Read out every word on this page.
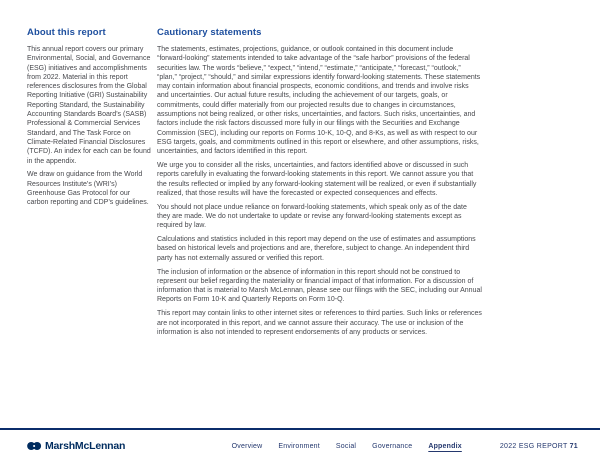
About this report

This annual report covers our primary Environmental, Social, and Governance (ESG) initiatives and accomplishments from 2022. Material in this report references disclosures from the Global Reporting Initiative (GRI) Sustainability Reporting Standard, the Sustainability Accounting Standards Board’s (SASB) Professional & Commercial Services Standard, and The Task Force on Climate-Related Financial Disclosures (TCFD). An index for each can be found in the appendix.

We draw on guidance from the World Resources Institute’s (WRI’s) Greenhouse Gas Protocol for our carbon reporting and CDP’s guidelines.

Cautionary statements

The statements, estimates, projections, guidance, or outlook contained in this document include “forward-looking” statements intended to take advantage of the “safe harbor” provisions of the federal securities law. The words “believe,” “expect,” “intend,” “estimate,” “anticipate,” “forecast,” “outlook,” “plan,” “project,” “should,” and similar expressions identify forward-looking statements. These statements may contain information about financial prospects, economic conditions, and trends and involve risks and uncertainties. Our actual future results, including the achievement of our targets, goals, or commitments, could differ materially from our projected results due to changes in circumstances, assumptions not being realized, or other risks, uncertainties, and factors. Such risks, uncertainties, and factors include the risk factors discussed more fully in our filings with the Securities and Exchange Commission (SEC), including our reports on Forms 10-K, 10-Q, and 8-Ks, as well as with respect to our ESG targets, goals, and commitments outlined in this report or elsewhere, and other assumptions, risks, uncertainties, and factors identified in this report.

We urge you to consider all the risks, uncertainties, and factors identified above or discussed in such reports carefully in evaluating the forward-looking statements in this report. We cannot assure you that the results reflected or implied by any forward-looking statement will be realized, or even if substantially realized, that those results will have the forecasted or expected consequences and effects.

You should not place undue reliance on forward-looking statements, which speak only as of the date they are made. We do not undertake to update or revise any forward-looking statements except as required by law.

Calculations and statistics included in this report may depend on the use of estimates and assumptions based on historical levels and projections and are, therefore, subject to change. An independent third party has not externally assured or verified this report.

The inclusion of information or the absence of information in this report should not be construed to represent our belief regarding the materiality or financial impact of that information. For a discussion of information that is material to Marsh McLennan, please see our filings with the SEC, including our Annual Reports on Form 10-K and Quarterly Reports on Form 10-Q.

This report may contain links to other internet sites or references to third parties. Such links or references are not incorporated in this report, and we cannot assure their accuracy. The use or inclusion of the information is also not intended to represent endorsements of any products or services.

MarshMcLennan	Overview Environment Social Governance Appendix	2022 ESG REPORT 71
